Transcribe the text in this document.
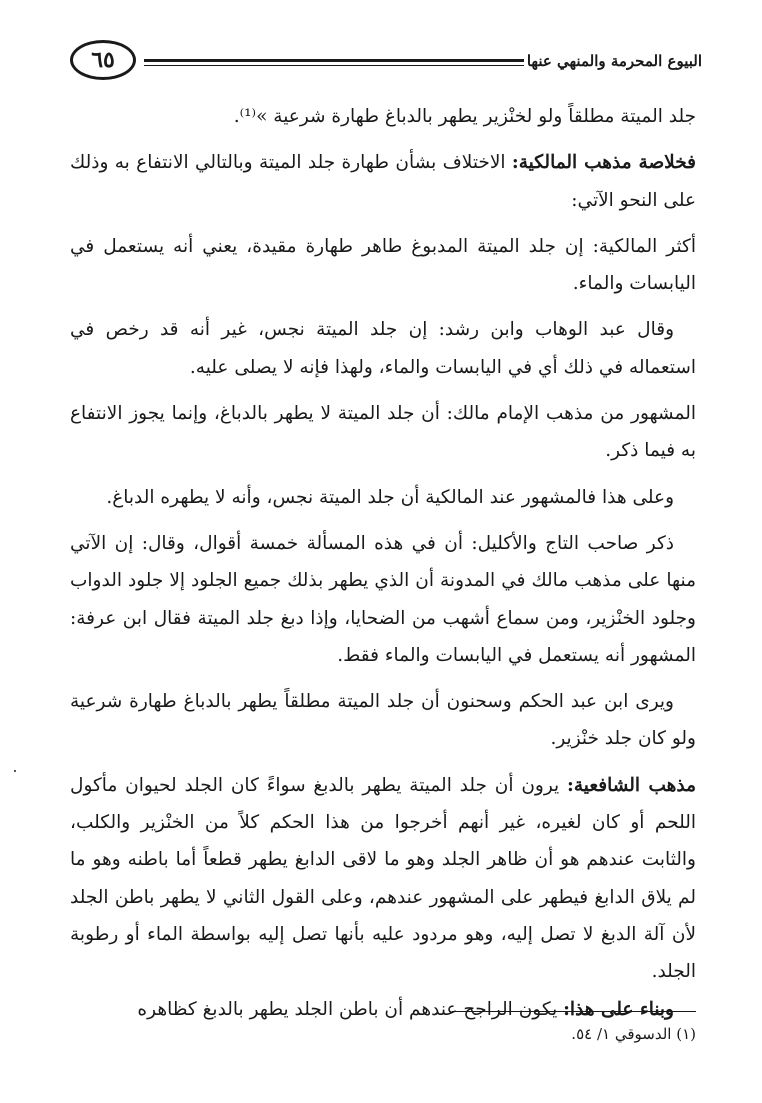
٦٥	البيوع المحرمة والمنهي عنها

جلد الميتة مطلقاً ولو لخنْزير يطهر بالدباغ طهارة شرعية »⁽¹⁾.

فخلاصة مذهب المالكية: الاختلاف بشأن طهارة جلد الميتة وبالتالي الانتفاع به وذلك على النحو الآتي:

أكثر المالكية: إن جلد الميتة المدبوغ طاهر طهارة مقيدة، يعني أنه يستعمل في اليابسات والماء.

وقال عبد الوهاب وابن رشد: إن جلد الميتة نجس، غير أنه قد رخص في استعماله في ذلك أي في اليابسات والماء، ولهذا فإنه لا يصلى عليه.

المشهور من مذهب الإمام مالك: أن جلد الميتة لا يطهر بالدباغ، وإنما يجوز الانتفاع به فيما ذكر.

وعلى هذا فالمشهور عند المالكية أن جلد الميتة نجس، وأنه لا يطهره الدباغ.

ذكر صاحب التاج والأكليل: أن في هذه المسألة خمسة أقوال، وقال: إن الآتي منها على مذهب مالك في المدونة أن الذي يطهر بذلك جميع الجلود إلا جلود الدواب وجلود الخنْزير، ومن سماع أشهب من الضحايا، وإذا دبغ جلد الميتة فقال ابن عرفة: المشهور أنه يستعمل في اليابسات والماء فقط.

ويرى ابن عبد الحكم وسحنون أن جلد الميتة مطلقاً يطهر بالدباغ طهارة شرعية ولو كان جلد خنْزير.

مذهب الشافعية: يرون أن جلد الميتة يطهر بالدبغ سواءً كان الجلد لحيوان مأكول اللحم أو كان لغيره، غير أنهم أخرجوا من هذا الحكم كلاً من الخنْزير والكلب، والثابت عندهم هو أن ظاهر الجلد وهو ما لاقى الدابغ يطهر قطعاً أما باطنه وهو ما لم يلاق الدابغ فيطهر على المشهور عندهم، وعلى القول الثاني لا يطهر باطن الجلد لأن آلة الدبغ لا تصل إليه، وهو مردود عليه بأنها تصل إليه بواسطة الماء أو رطوبة الجلد.

وبناء على هذا: يكون الراجح عندهم أن باطن الجلد يطهر بالدبغ كظاهره

(١) الدسوقي ١/ ٥٤.
